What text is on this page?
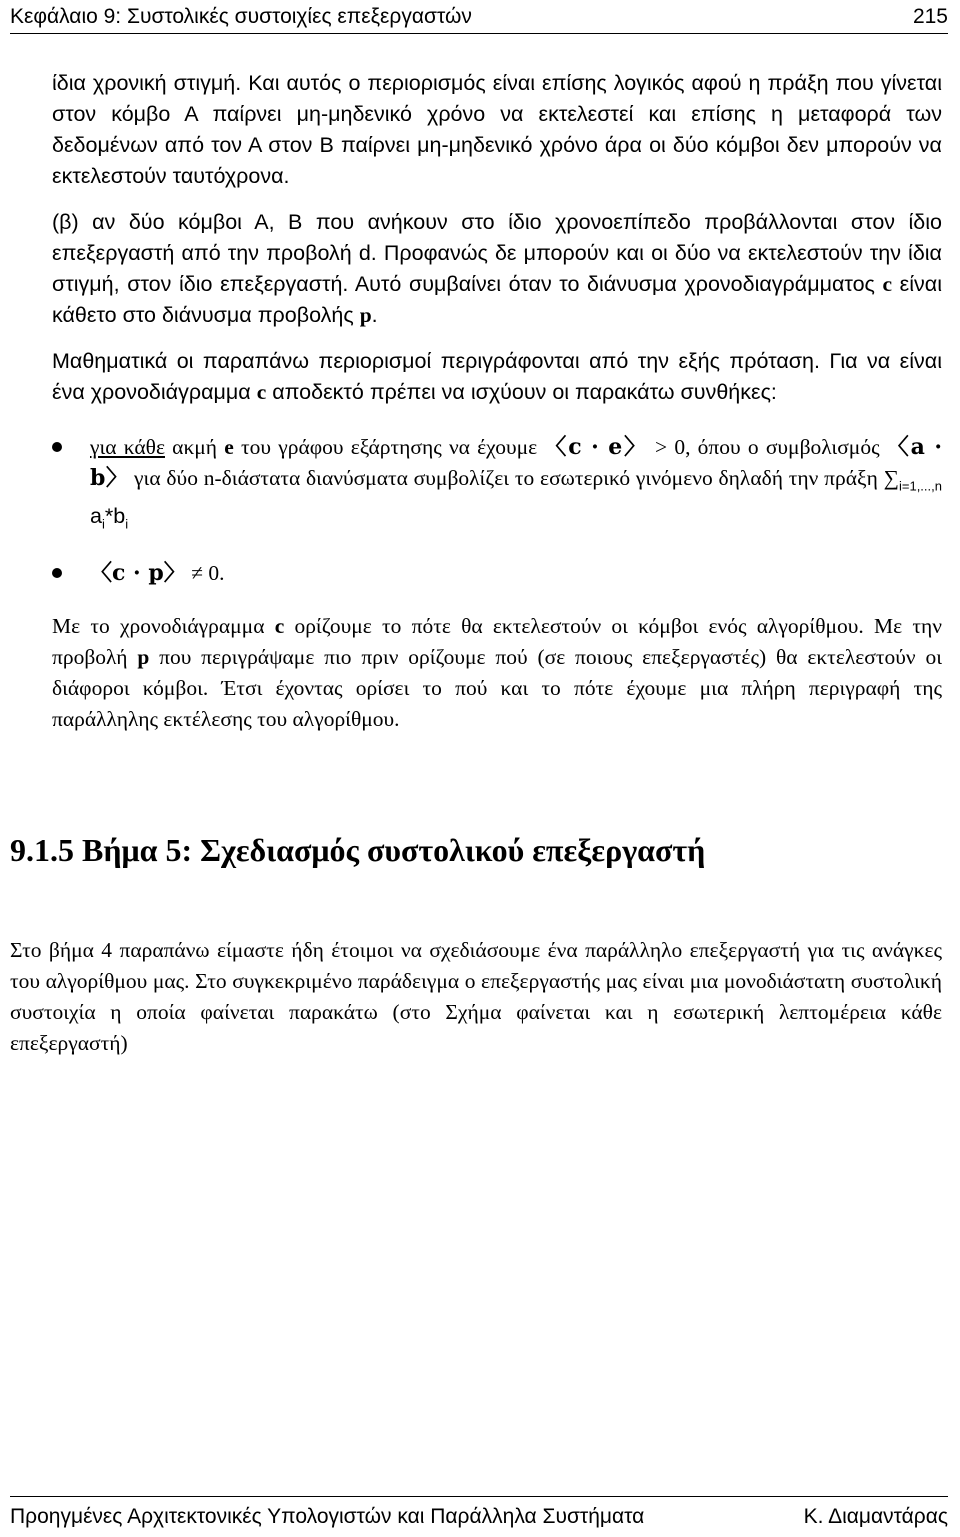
Κεφάλαιο 9: Συστολικές συστοιχίες επεξεργαστών	215
ίδια χρονική στιγμή. Και αυτός ο περιορισμός είναι επίσης λογικός αφού η πράξη που γίνεται στον κόμβο Α παίρνει μη-μηδενικό χρόνο να εκτελεστεί και επίσης η μεταφορά των δεδομένων από τον Α στον Β παίρνει μη-μηδενικό χρόνο άρα οι δύο κόμβοι δεν μπορούν να εκτελεστούν ταυτόχρονα.
(β) αν δύο κόμβοι Α, Β που ανήκουν στο ίδιο χρονοεπίπεδο προβάλλονται στον ίδιο επεξεργαστή από την προβολή d. Προφανώς δε μπορούν και οι δύο να εκτελεστούν την ίδια στιγμή, στον ίδιο επεξεργαστή. Αυτό συμβαίνει όταν το διάνυσμα χρονοδιαγράμματος c είναι κάθετο στο διάνυσμα προβολής p.
Μαθηματικά οι παραπάνω περιορισμοί περιγράφονται από την εξής πρόταση. Για να είναι ένα χρονοδιάγραμμα c αποδεκτό πρέπει να ισχύουν οι παρακάτω συνθήκες:
για κάθε ακμή e του γράφου εξάρτησης να έχουμε 〈c · e〉 > 0, όπου ο συμβολισμός 〈a · b〉 για δύο n-διάστατα διανύσματα συμβολίζει το εσωτερικό γινόμενο δηλαδή την πράξη $\sum_{i=1,...,n}$ $a_i*b_i$
〈c · p〉 ≠ 0.
Με το χρονοδιάγραμμα c ορίζουμε το πότε θα εκτελεστούν οι κόμβοι ενός αλγορίθμου. Με την προβολή p που περιγράψαμε πιο πριν ορίζουμε πού (σε ποιους επεξεργαστές) θα εκτελεστούν οι διάφοροι κόμβοι. Έτσι έχοντας ορίσει το πού και το πότε έχουμε μια πλήρη περιγραφή της παράλληλης εκτέλεσης του αλγορίθμου.
9.1.5 Βήμα 5: Σχεδιασμός συστολικού επεξεργαστή
Στο βήμα 4 παραπάνω είμαστε ήδη έτοιμοι να σχεδιάσουμε ένα παράλληλο επεξεργαστή για τις ανάγκες του αλγορίθμου μας. Στο συγκεκριμένο παράδειγμα ο επεξεργαστής μας είναι μια μονοδιάστατη συστολική συστοιχία η οποία φαίνεται παρακάτω (στο Σχήμα φαίνεται και η εσωτερική λεπτομέρεια κάθε επεξεργαστή)
Προηγμένες Αρχιτεκτονικές Υπολογιστών και Παράλληλα Συστήματα	Κ. Διαμαντάρας
